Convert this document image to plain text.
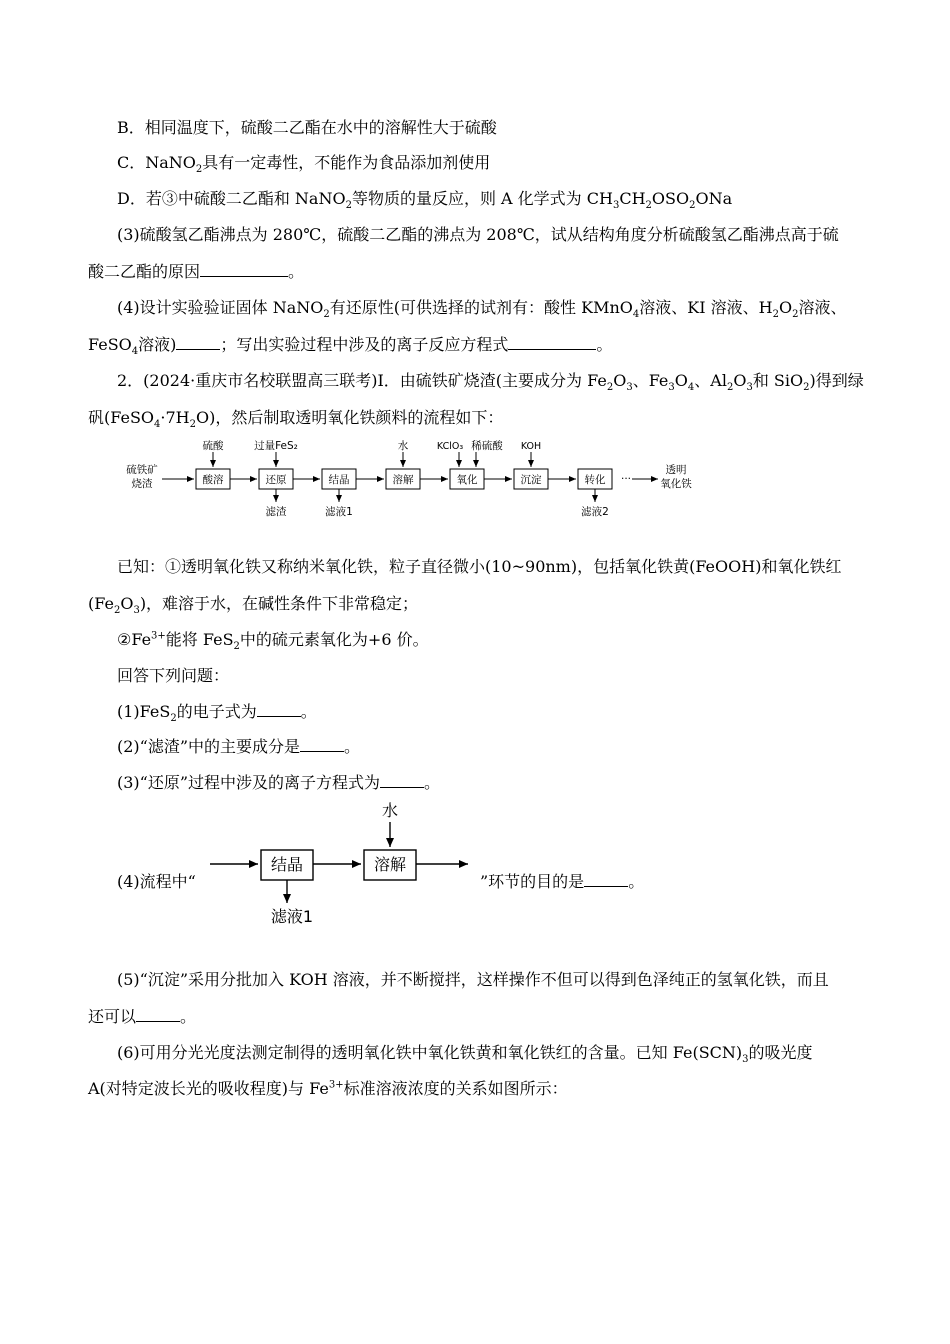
B．相同温度下，硫酸二乙酯在水中的溶解性大于硫酸
C．NaNO$_2$具有一定毒性，不能作为食品添加剂使用
D．若③中硫酸二乙酯和 NaNO$_2$等物质的量反应，则 A 化学式为 $CH_3CH_2OSO_2ONa$
(3)硫酸氢乙酯沸点为 280℃，硫酸二乙酯的沸点为 208℃，试从结构角度分析硫酸氢乙酯沸点高于硫
酸二乙酯的原因	。
(4)设计实验验证固体 NaNO$_2$有还原性(可供选择的试剂有：酸性 KMnO$_4$溶液、KI 溶液、$H_2O_2$溶液、
FeSO$_4$溶液)	；写出实验过程中涉及的离子反应方程式	。
2．(2024·重庆市名校联盟高三联考)I．由硫铁矿烧渣(主要成分为 $Fe_2O_3$、$Fe_3O_4$、$Al_2O_3$和 SiO$_2$)得到绿
矾$(FeSO_4\cdot 7H_2O)$，然后制取透明氧化铁颜料的流程如下：
硫铁矿
烧渣	酸溶
硫酸
还原
过量FeS₂
滤渣
结晶
滤液1
溶解
水
氧化
KClO₃ 稀硫酸
沉淀
KOH
转化
滤液2
···
透明
氧化铁
已知：①透明氧化铁又称纳米氧化铁，粒子直径微小(10~90nm)，包括氧化铁黄(FeOOH)和氧化铁红
$(Fe_2O_3)$，难溶于水，在碱性条件下非常稳定；
$②Fe^{3+}$能将 FeS$_2$中的硫元素氧化为+6 价。
回答下列问题：
(1)FeS$_2$的电子式为	。
(2)“滤渣”中的主要成分是	。
(3)“还原”过程中涉及的离子方程式为	。
(4)流程中“
结晶
滤液1
溶解
水
”环节的目的是	。
(5)“沉淀”采用分批加入 KOH 溶液，并不断搅拌，这样操作不但可以得到色泽纯正的氢氧化铁，而且
还可以	。
(6)可用分光光度法测定制得的透明氧化铁中氧化铁黄和氧化铁红的含量。已知 $Fe(SCN)_3$的吸光度
A(对特定波长光的吸收程度)与 $Fe^{3+}$标准溶液浓度的关系如图所示：
